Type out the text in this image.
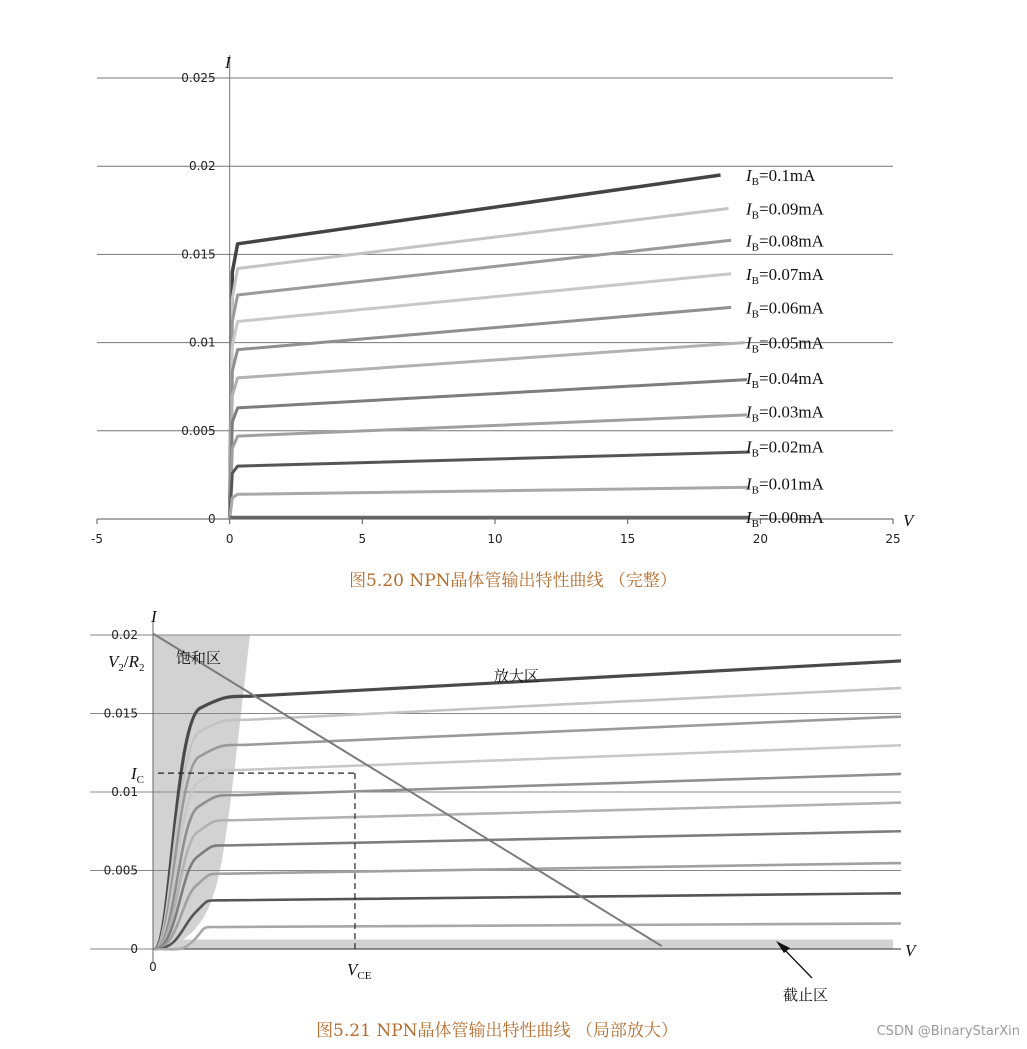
0
0.005
0.01
0.015
0.02
0.025
-5	0	5	10	15	20	25
$I_B=0.1mA$
$I_B=0.09mA$
$I_B=0.08mA$
$I_B=0.07mA$
$I_B=0.06mA$
$I_B=0.05mA$
$I_B=0.04mA$
$I_B=0.03mA$
$I_B=0.02mA$
$I_B=0.01mA$
$I_B=0.00mA$
I
V
图5.20 NPN晶体管输出特性曲线 （完整）
0
0.005
0.01
0.015
0.02
0
I
V
饱和区
放大区
截止区
$V_2/R_2$
$I_C$
$V_{CE}$
图5.21 NPN晶体管输出特性曲线 （局部放大）	CSDN @BinaryStarXin
